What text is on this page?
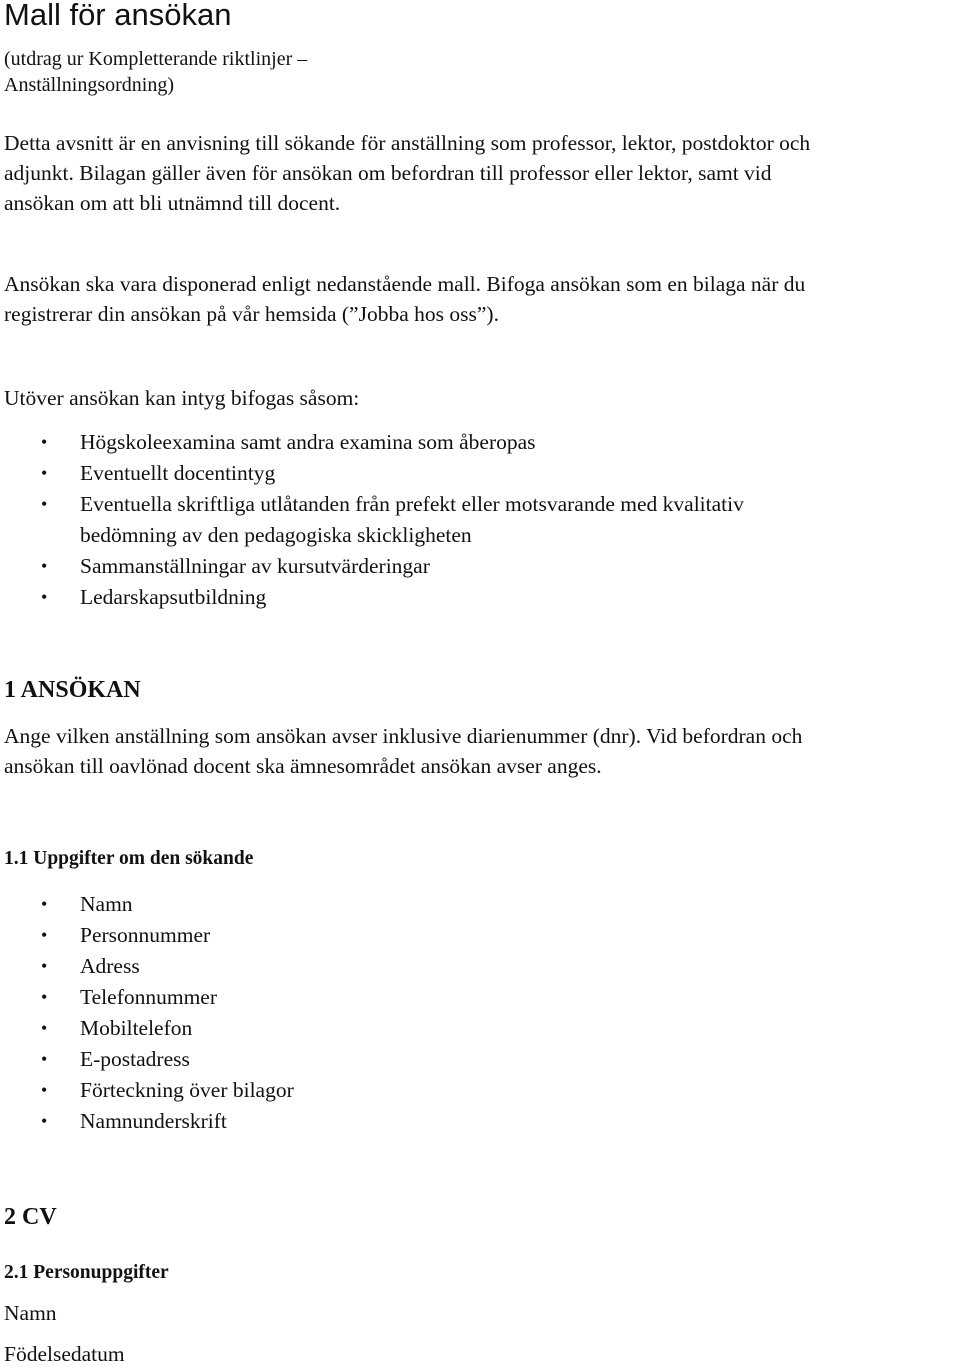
Mall för ansökan
(utdrag ur Kompletterande riktlinjer –
Anställningsordning)
Detta avsnitt är en anvisning till sökande för anställning som professor, lektor, postdoktor och
adjunkt. Bilagan gäller även för ansökan om befordran till professor eller lektor, samt vid
ansökan om att bli utnämnd till docent.
Ansökan ska vara disponerad enligt nedanstående mall. Bifoga ansökan som en bilaga när du
registrerar din ansökan på vår hemsida (”Jobba hos oss”).
Utöver ansökan kan intyg bifogas såsom:
• Högskoleexamina samt andra examina som åberopas
• Eventuellt docentintyg
• Eventuella skriftliga utlåtanden från prefekt eller motsvarande med kvalitativ
bedömning av den pedagogiska skickligheten
• Sammanställningar av kursutvärderingar
• Ledarskapsutbildning
1 ANSÖKAN
Ange vilken anställning som ansökan avser inklusive diarienummer (dnr). Vid befordran och
ansökan till oavlönad docent ska ämnesområdet ansökan avser anges.
1.1 Uppgifter om den sökande
• Namn
• Personnummer
• Adress
• Telefonnummer
• Mobiltelefon
• E-postadress
• Förteckning över bilagor
• Namnunderskrift
2 CV
2.1 Personuppgifter
Namn
Födelsedatum
